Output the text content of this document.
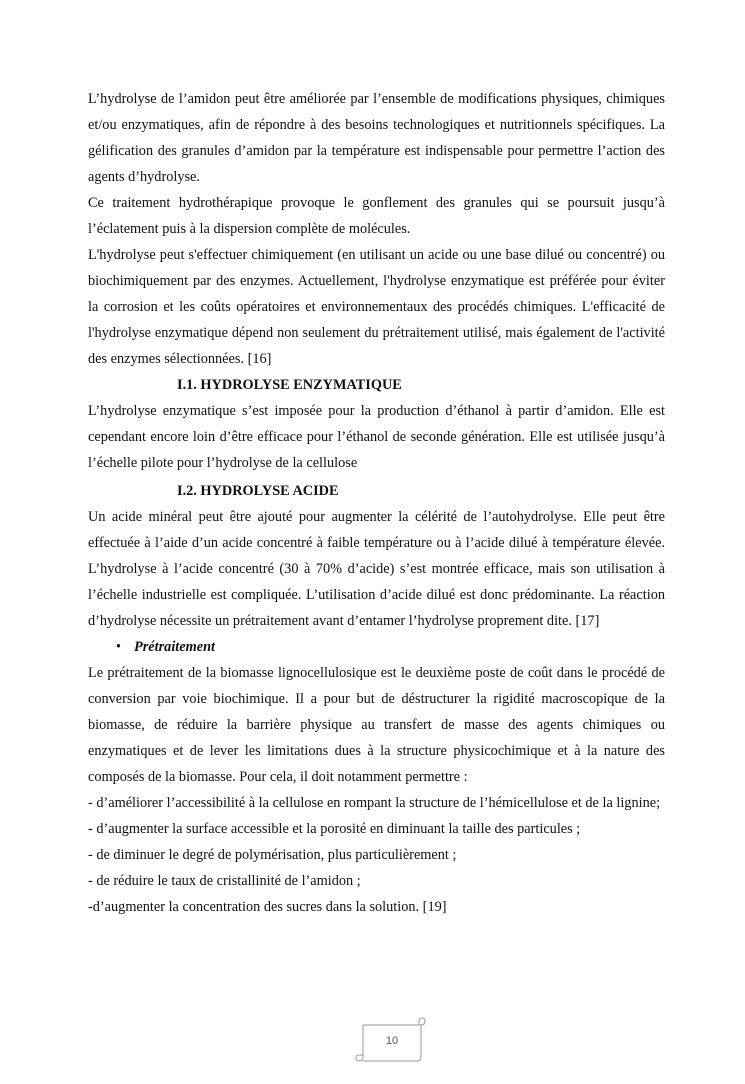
L’hydrolyse de l’amidon peut être améliorée par l’ensemble de modifications physiques, chimiques et/ou enzymatiques, afin de répondre à des besoins technologiques et nutritionnels spécifiques. La gélification des granules d’amidon par la température est indispensable pour permettre l’action des agents d’hydrolyse.

Ce traitement hydrothérapique provoque le gonflement des granules qui se poursuit jusqu’à l’éclatement puis à la dispersion complète de molécules.

L'hydrolyse peut s'effectuer chimiquement (en utilisant un acide ou une base dilué ou concentré) ou biochimiquement par des enzymes. Actuellement, l'hydrolyse enzymatique est préférée pour éviter la corrosion et les coûts opératoires et environnementaux des procédés chimiques. L'efficacité de l'hydrolyse enzymatique dépend non seulement du prétraitement utilisé, mais également de l'activité des enzymes sélectionnées. [16]

I.1. HYDROLYSE ENZYMATIQUE

L’hydrolyse enzymatique s’est imposée pour la production d’éthanol à partir d’amidon. Elle est cependant encore loin d’être efficace pour l’éthanol de seconde génération. Elle est utilisée jusqu’à l’échelle pilote pour l’hydrolyse de la cellulose

I.2. HYDROLYSE ACIDE

Un acide minéral peut être ajouté pour augmenter la célérité de l’autohydrolyse. Elle peut être effectuée à l’aide d’un acide concentré à faible température ou à l’acide dilué à température élevée. L’hydrolyse à l’acide concentré (30 à 70% d’acide) s’est montrée efficace, mais son utilisation à l’échelle industrielle est compliquée. L’utilisation d’acide dilué est donc prédominante. La réaction d’hydrolyse nécessite un prétraitement avant d’entamer l’hydrolyse proprement dite. [17]

• Prétraitement

Le prétraitement de la biomasse lignocellulosique est le deuxième poste de coût dans le procédé de conversion par voie biochimique. Il a pour but de déstructurer la rigidité macroscopique de la biomasse, de réduire la barrière physique au transfert de masse des agents chimiques ou enzymatiques et de lever les limitations dues à la structure physicochimique et à la nature des composés de la biomasse. Pour cela, il doit notamment permettre :

- d’améliorer l’accessibilité à la cellulose en rompant la structure de l’hémicellulose et de la lignine;

- d’augmenter la surface accessible et la porosité en diminuant la taille des particules ;

- de diminuer le degré de polymérisation, plus particulièrement ;

- de réduire le taux de cristallinité de l’amidon ;

-d’augmenter la concentration des sucres dans la solution. [19]

10
